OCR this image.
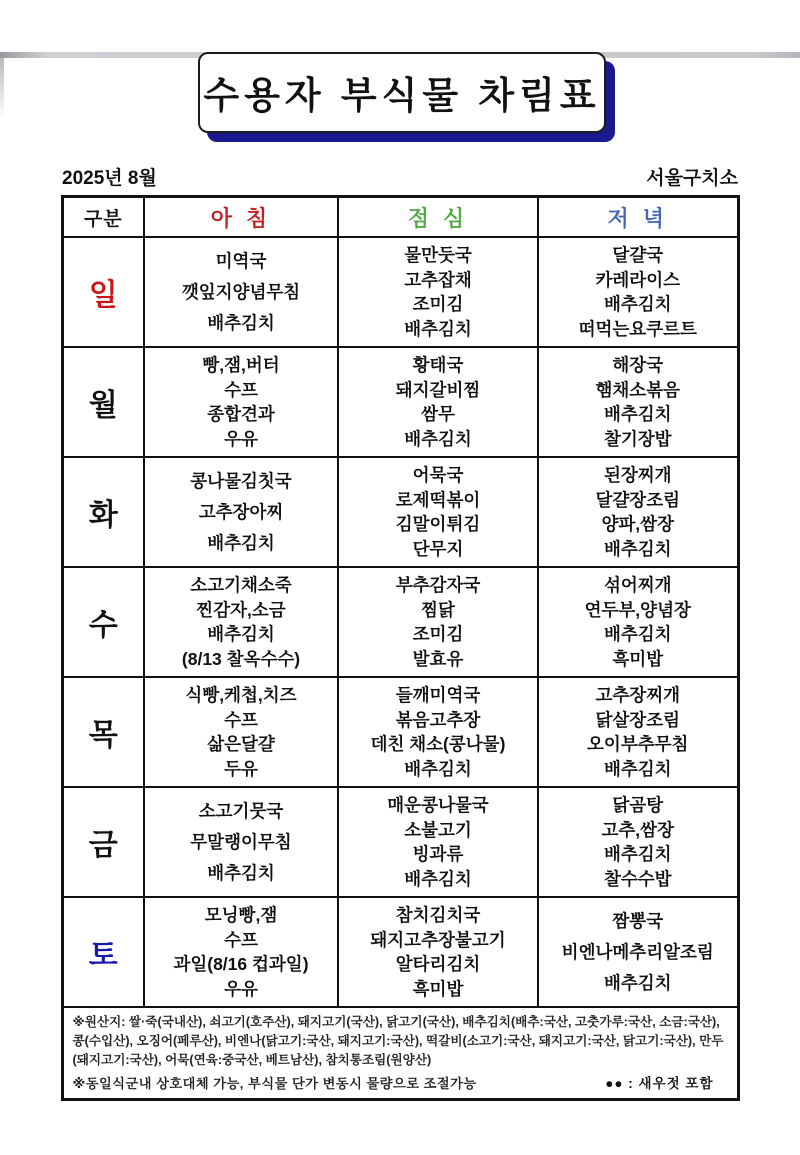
수용자 부식물 차림표
2025년 8월	서울구치소
구분	아 침	점 심	저 녁
일	
미역국
깻잎지양념무침
배추김치

물만둣국
고추잡채
조미김
배추김치

달걀국
카레라이스
배추김치
떠먹는요쿠르트

월	
빵,잼,버터
수프
종합견과
우유

황태국
돼지갈비찜
쌈무
배추김치

해장국
햄채소볶음
배추김치
찰기장밥

화	
콩나물김칫국
고추장아찌
배추김치

어묵국
로제떡볶이
김말이튀김
단무지

된장찌개
달걀장조림
양파,쌈장
배추김치

수	
소고기채소죽
찐감자,소금
배추김치
(8/13 찰옥수수)

부추감자국
찜닭
조미김
발효유

섞어찌개
연두부,양념장
배추김치
흑미밥

목	
식빵,케첩,치즈
수프
삶은달걀
두유

들깨미역국
볶음고추장
데친 채소(콩나물)
배추김치

고추장찌개
닭살장조림
오이부추무침
배추김치

금	
소고기뭇국
무말랭이무침
배추김치

매운콩나물국
소불고기
빙과류
배추김치

닭곰탕
고추,쌈장
배추김치
찰수수밥

토	
모닝빵,잼
수프
과일(8/16 컵과일)
우유

참치김치국
돼지고추장불고기
알타리김치
흑미밥

짬뽕국
비엔나메추리알조림
배추김치

※원산지: 쌀·죽(국내산), 쇠고기(호주산), 돼지고기(국산), 닭고기(국산), 배추김치(배추:국산, 고춧가루:국산, 소금:국산), 콩(수입산), 오징어(페루산), 비엔나(닭고기:국산, 돼지고기:국산), 떡갈비(소고기:국산, 돼지고기:국산, 닭고기:국산), 만두(돼지고기:국산), 어묵(연육:중국산, 베트남산), 참치통조림(원양산)
※동일식군내 상호대체 가능, 부식물 단가 변동시 물량으로 조절가능 ●● : 새우젓 포함			
